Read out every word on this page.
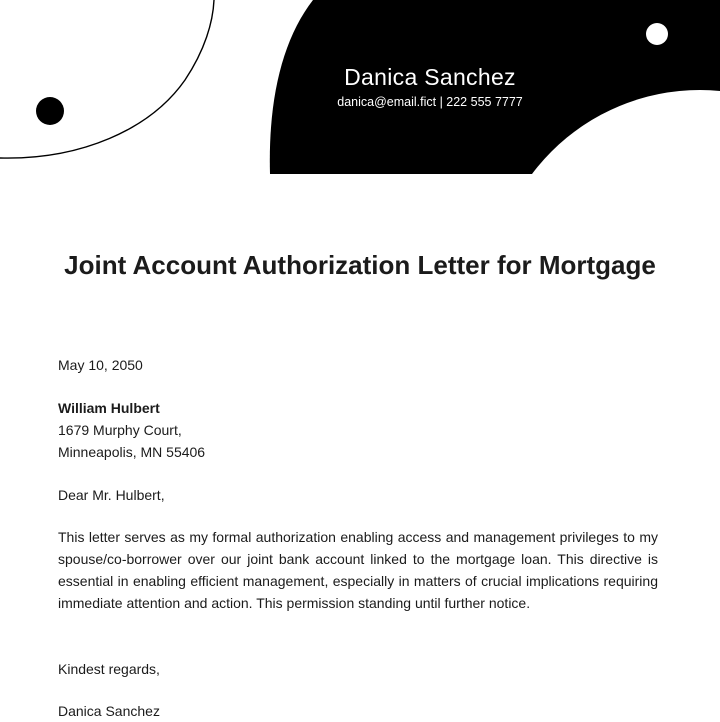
Danica Sanchez
danica@email.fict | 222 555 7777
Joint Account Authorization Letter for Mortgage
May 10, 2050
William Hulbert
1679 Murphy Court,
Minneapolis, MN 55406
Dear Mr. Hulbert,
This letter serves as my formal authorization enabling access and management privileges to my spouse/co-borrower over our joint bank account linked to the mortgage loan. This directive is essential in enabling efficient management, especially in matters of crucial implications requiring immediate attention and action. This permission standing until further notice.
Kindest regards,
Danica Sanchez
